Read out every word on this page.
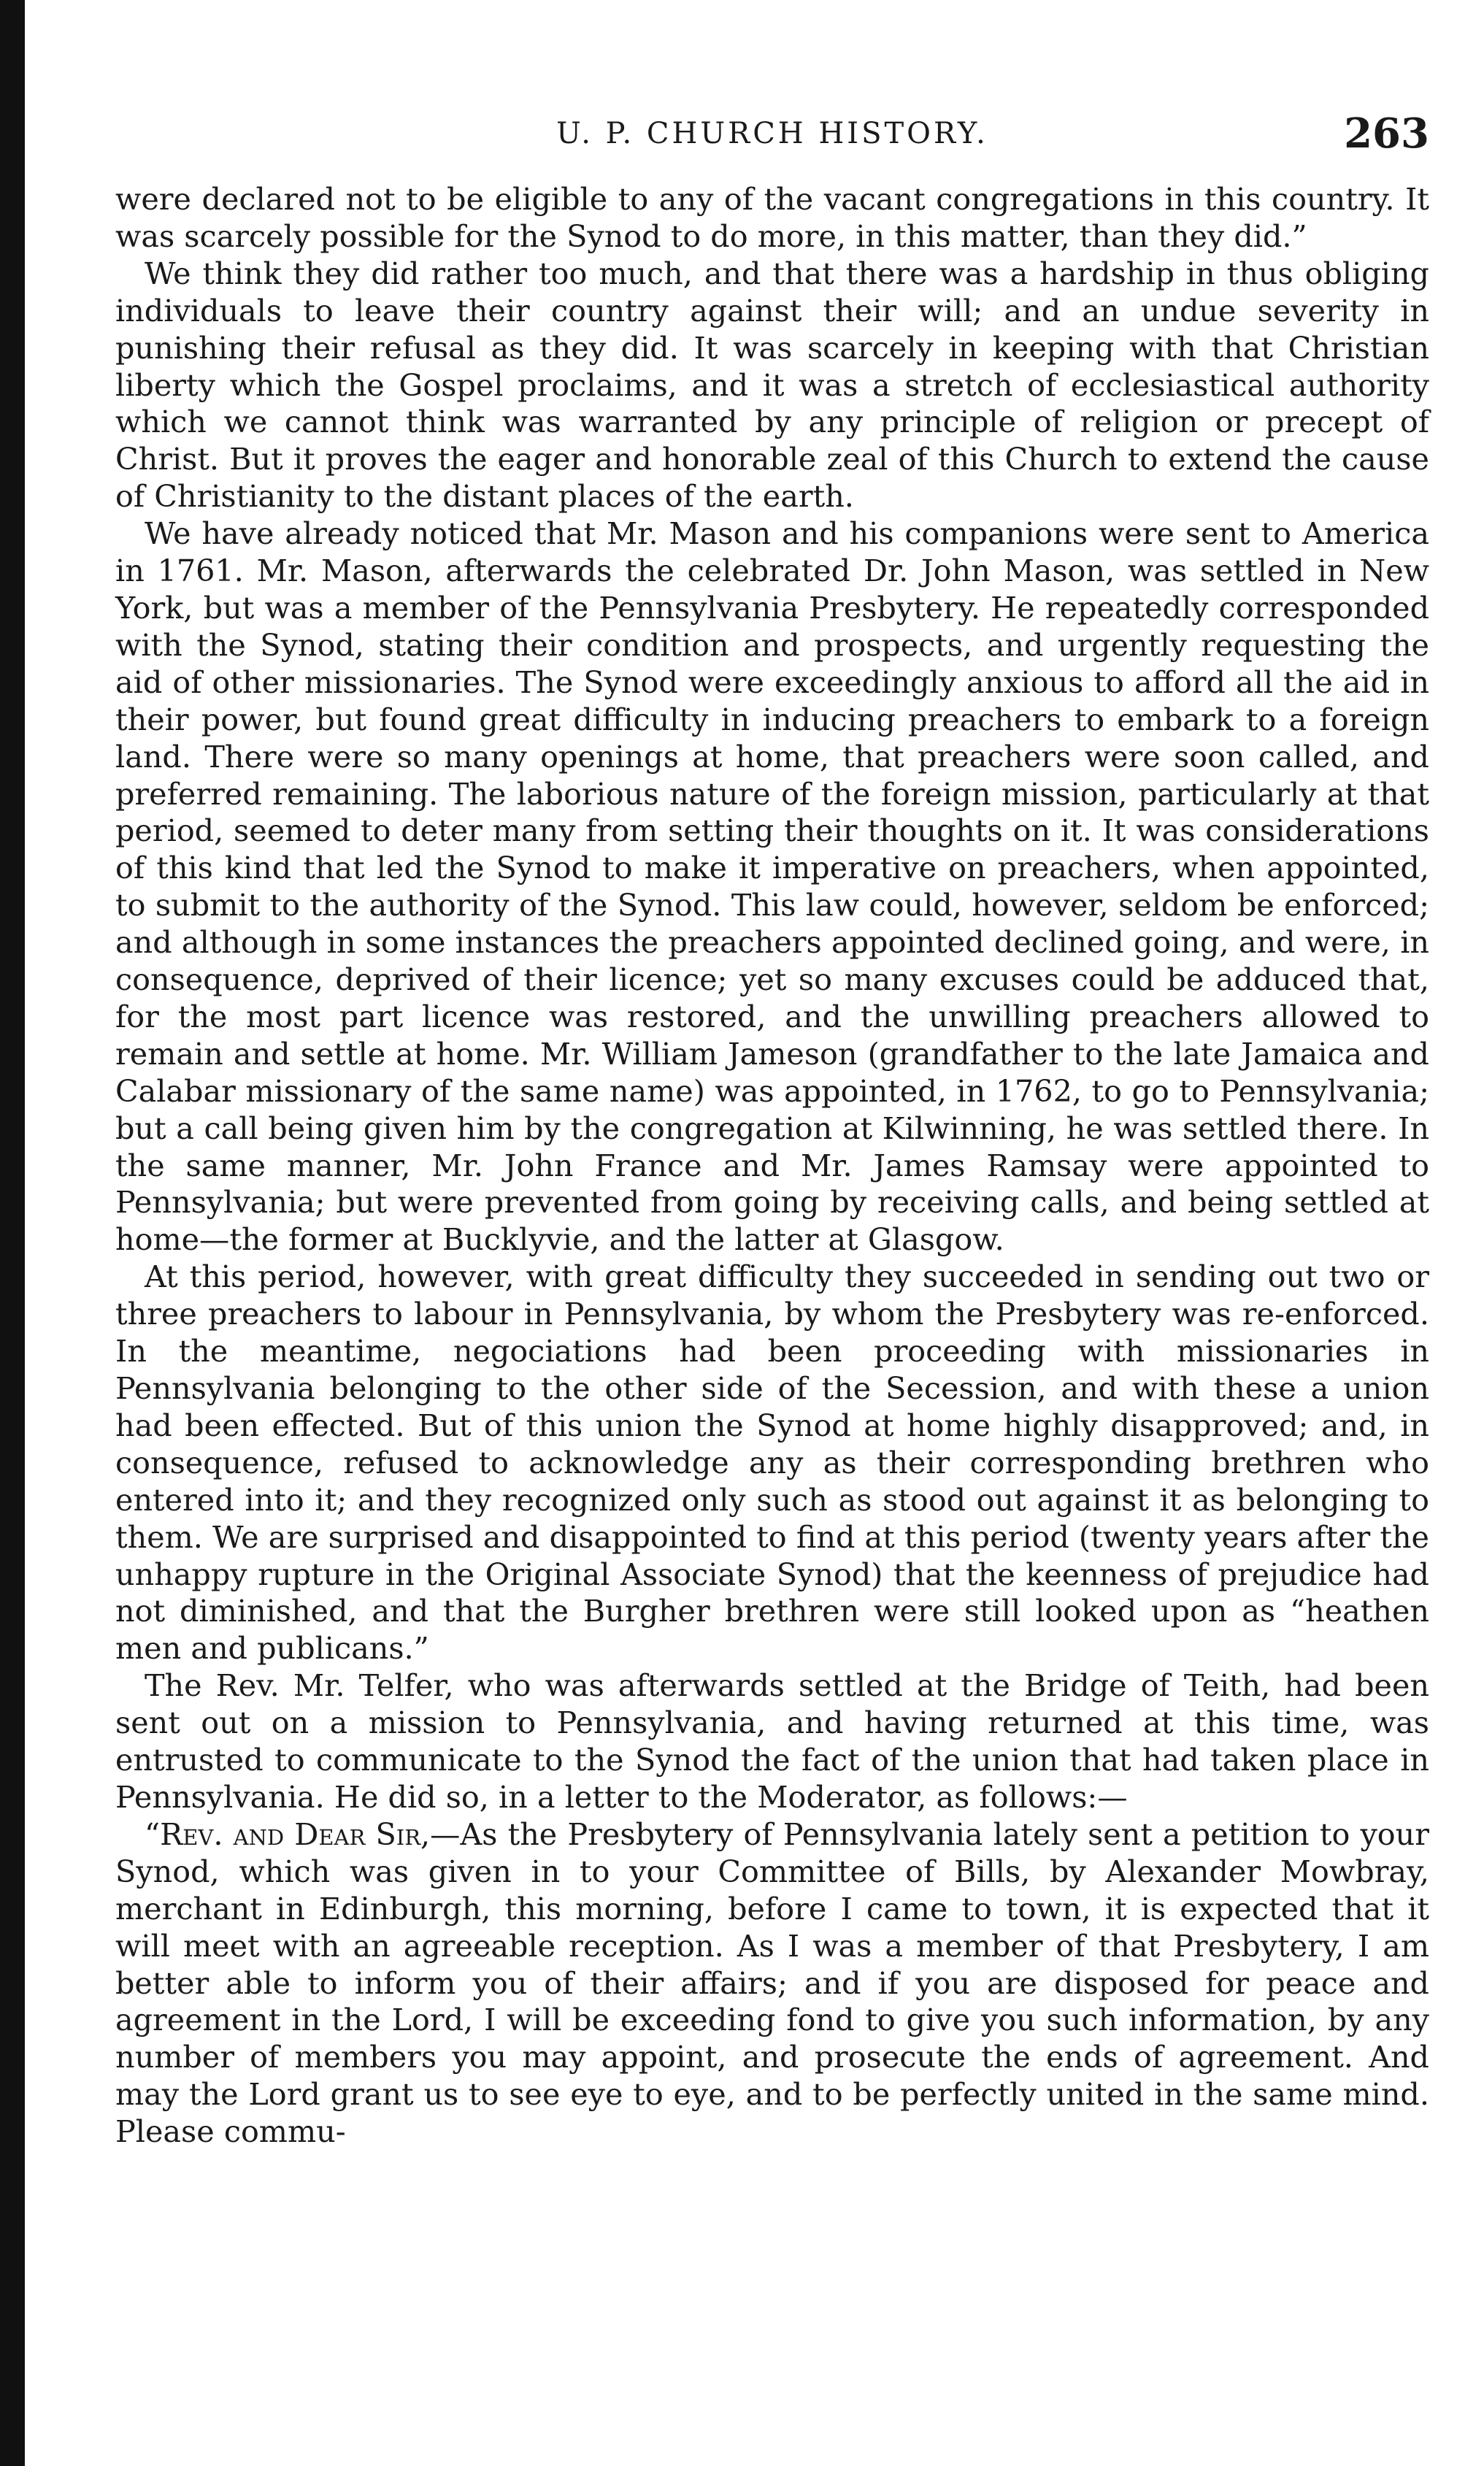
U. P. CHURCH HISTORY.	263

were declared not to be eligible to any of the vacant congregations in this country. It was scarcely possible for the Synod to do more, in this matter, than they did.”

We think they did rather too much, and that there was a hardship in thus obliging individuals to leave their country against their will; and an undue severity in punishing their refusal as they did. It was scarcely in keeping with that Christian liberty which the Gospel proclaims, and it was a stretch of ecclesiastical authority which we cannot think was warranted by any principle of religion or precept of Christ. But it proves the eager and honorable zeal of this Church to extend the cause of Christianity to the distant places of the earth.

We have already noticed that Mr. Mason and his companions were sent to America in 1761. Mr. Mason, afterwards the celebrated Dr. John Mason, was settled in New York, but was a member of the Pennsylvania Presbytery. He repeatedly corresponded with the Synod, stating their condition and prospects, and urgently requesting the aid of other missionaries. The Synod were exceedingly anxious to afford all the aid in their power, but found great difficulty in inducing preachers to embark to a foreign land. There were so many openings at home, that preachers were soon called, and preferred remaining. The laborious nature of the foreign mission, particularly at that period, seemed to deter many from setting their thoughts on it. It was considerations of this kind that led the Synod to make it imperative on preachers, when appointed, to submit to the authority of the Synod. This law could, however, seldom be enforced; and although in some instances the preachers appointed declined going, and were, in consequence, deprived of their licence; yet so many excuses could be adduced that, for the most part licence was restored, and the unwilling preachers allowed to remain and settle at home. Mr. William Jameson (grandfather to the late Jamaica and Calabar missionary of the same name) was appointed, in 1762, to go to Pennsylvania; but a call being given him by the congregation at Kilwinning, he was settled there. In the same manner, Mr. John France and Mr. James Ramsay were appointed to Pennsylvania; but were prevented from going by receiving calls, and being settled at home—the former at Bucklyvie, and the latter at Glasgow.

At this period, however, with great difficulty they succeeded in sending out two or three preachers to labour in Pennsylvania, by whom the Presbytery was re-enforced. In the meantime, negociations had been proceeding with missionaries in Pennsylvania belonging to the other side of the Secession, and with these a union had been effected. But of this union the Synod at home highly disapproved; and, in consequence, refused to acknowledge any as their corresponding brethren who entered into it; and they recognized only such as stood out against it as belonging to them. We are surprised and disappointed to find at this period (twenty years after the unhappy rupture in the Original Associate Synod) that the keenness of prejudice had not diminished, and that the Burgher brethren were still looked upon as “heathen men and publicans.”

The Rev. Mr. Telfer, who was afterwards settled at the Bridge of Teith, had been sent out on a mission to Pennsylvania, and having returned at this time, was entrusted to communicate to the Synod the fact of the union that had taken place in Pennsylvania. He did so, in a letter to the Moderator, as follows:—

“Rev. and Dear Sir,—As the Presbytery of Pennsylvania lately sent a petition to your Synod, which was given in to your Committee of Bills, by Alexander Mowbray, merchant in Edinburgh, this morning, before I came to town, it is expected that it will meet with an agreeable reception. As I was a member of that Presbytery, I am better able to inform you of their affairs; and if you are disposed for peace and agreement in the Lord, I will be exceeding fond to give you such information, by any number of members you may appoint, and prosecute the ends of agreement. And may the Lord grant us to see eye to eye, and to be perfectly united in the same mind. Please commu-
